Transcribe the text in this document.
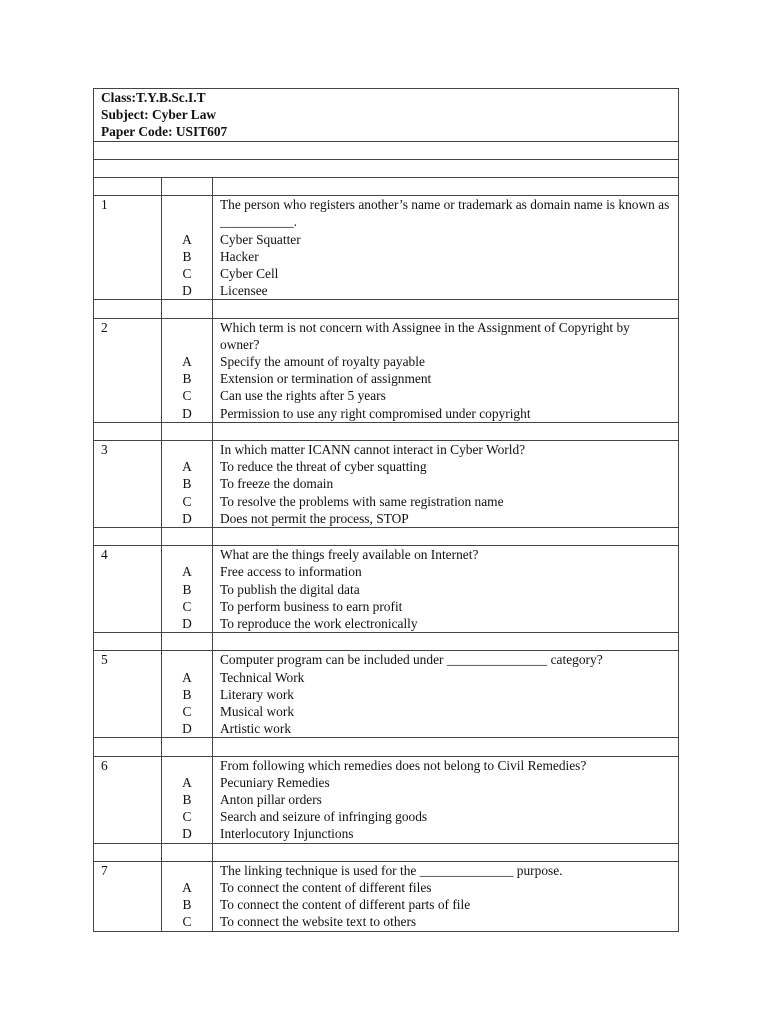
Class:T.Y.B.Sc.I.T
Subject: Cyber Law
Paper Code: USIT607
1	The person who registers another’s name or trademark as domain name is known as ___________.
A	Cyber Squatter
B	Hacker
C	Cyber Cell
D	Licensee
2	Which term is not concern with Assignee in the Assignment of Copyright by owner?
A	Specify the amount of royalty payable
B	Extension or termination of assignment
C	Can use the rights after 5 years
D	Permission to use any right compromised under copyright
3	In which matter ICANN cannot interact in Cyber World?
A	To reduce the threat of cyber squatting
B	To freeze the domain
C	To resolve the problems with same registration name
D	Does not permit the process, STOP
4	What are the things freely available on Internet?
A	Free access to information
B	To publish the digital data
C	To perform business to earn profit
D	To reproduce the work electronically
5	Computer program can be included under _______________ category?
A	Technical Work
B	Literary work
C	Musical work
D	Artistic work
6	From following which remedies does not belong to Civil Remedies?
A	Pecuniary Remedies
B	Anton pillar orders
C	Search and seizure of infringing goods
D	Interlocutory Injunctions
7	The linking technique is used for the ______________ purpose.
A	To connect the content of different files
B	To connect the content of different parts of file
C	To connect the website text to others
